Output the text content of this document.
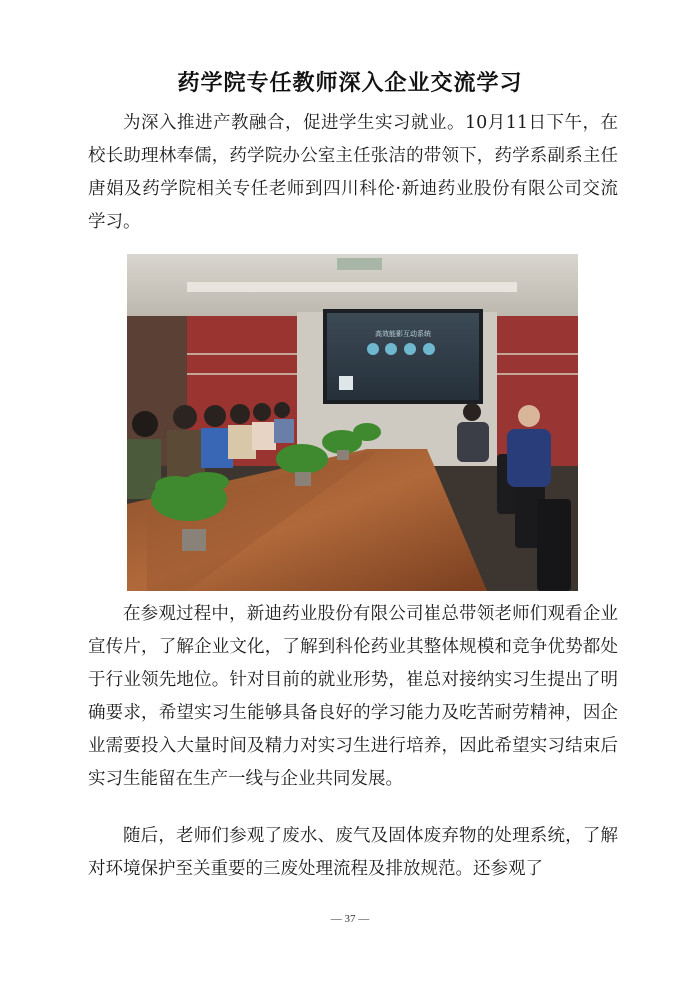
药学院专任教师深入企业交流学习

为深入推进产教融合，促进学生实习就业。10月11日下午，在校长助理林奉儒，药学院办公室主任张洁的带领下，药学系副系主任唐娟及药学院相关专任老师到四川科伦·新迪药业股份有限公司交流学习。

高效能影互动系统

在参观过程中，新迪药业股份有限公司崔总带领老师们观看企业宣传片，了解企业文化，了解到科伦药业其整体规模和竞争优势都处于行业领先地位。针对目前的就业形势，崔总对接纳实习生提出了明确要求，希望实习生能够具备良好的学习能力及吃苦耐劳精神，因企业需要投入大量时间及精力对实习生进行培养，因此希望实习结束后实习生能留在生产一线与企业共同发展。

随后，老师们参观了废水、废气及固体废弃物的处理系统，了解对环境保护至关重要的三废处理流程及排放规范。还参观了

— 37 —
